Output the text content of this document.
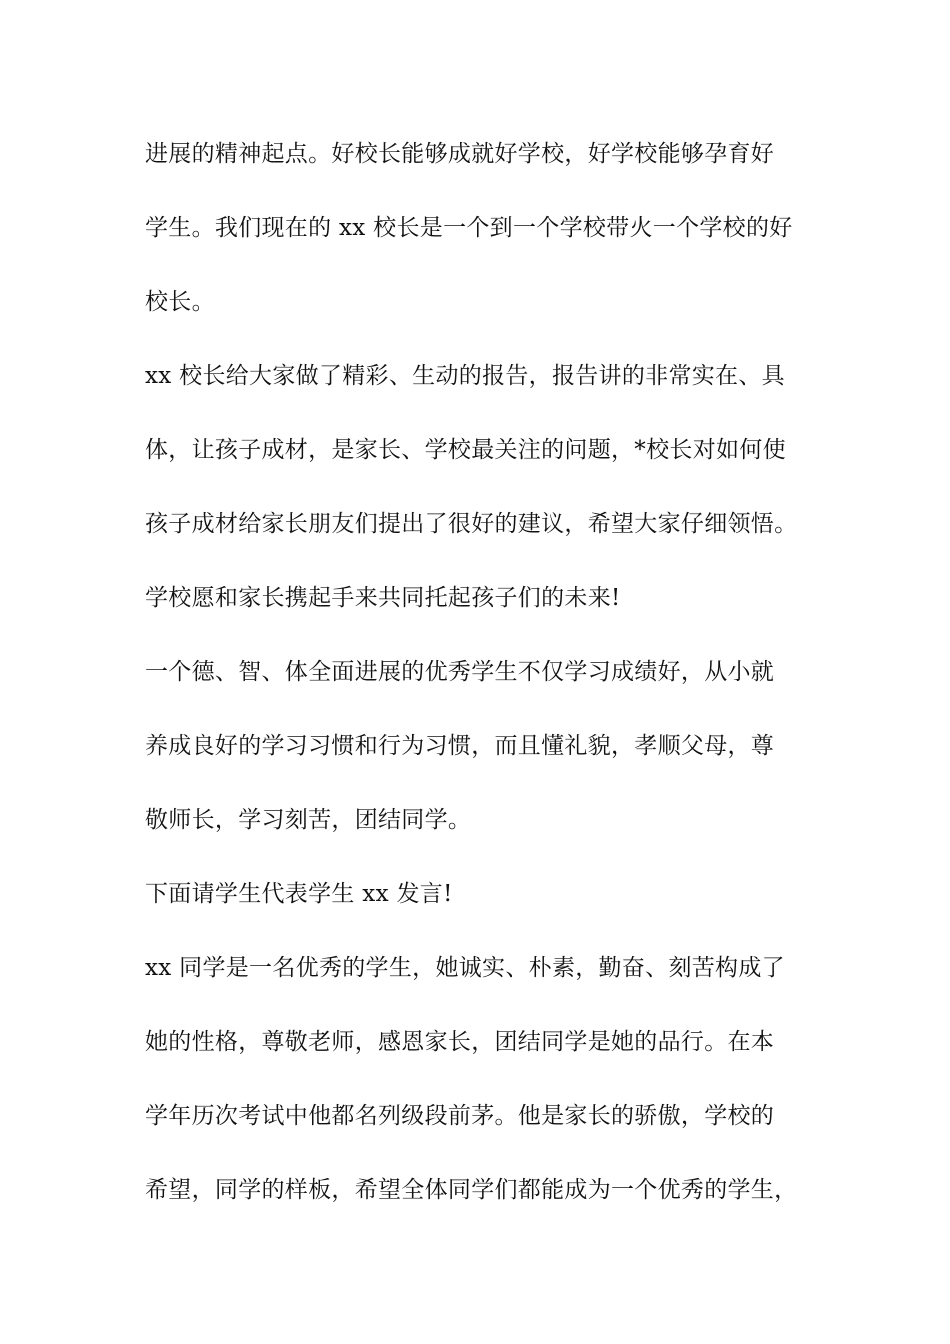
进展的精神起点。好校长能够成就好学校，好学校能够孕育好
学生。我们现在的 xx 校长是一个到一个学校带火一个学校的好
校长。
xx 校长给大家做了精彩、生动的报告，报告讲的非常实在、具
体，让孩子成材，是家长、学校最关注的问题，*校长对如何使
孩子成材给家长朋友们提出了很好的建议，希望大家仔细领悟。
学校愿和家长携起手来共同托起孩子们的未来!
一个德、智、体全面进展的优秀学生不仅学习成绩好，从小就
养成良好的学习习惯和行为习惯，而且懂礼貌，孝顺父母，尊
敬师长，学习刻苦，团结同学。
下面请学生代表学生 xx 发言!
xx 同学是一名优秀的学生，她诚实、朴素，勤奋、刻苦构成了
她的性格，尊敬老师，感恩家长，团结同学是她的品行。在本
学年历次考试中他都名列级段前茅。他是家长的骄傲，学校的
希望，同学的样板，希望全体同学们都能成为一个优秀的学生，
